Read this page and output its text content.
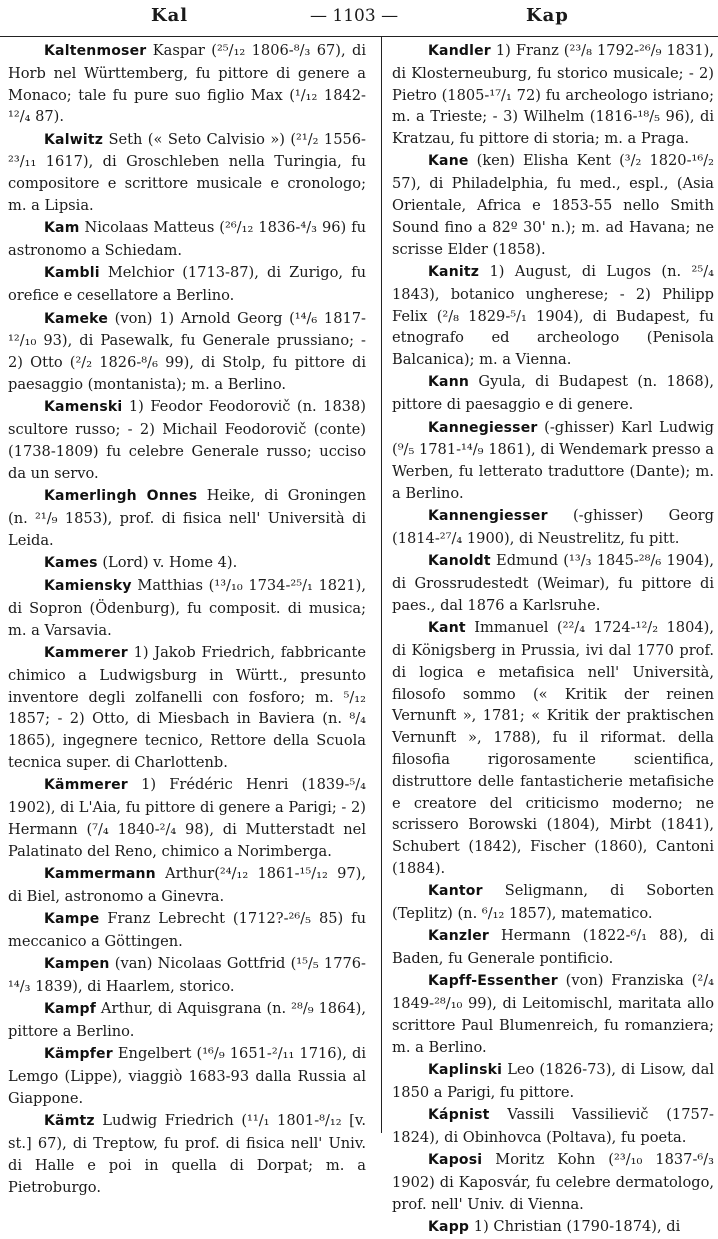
Kal	— 1103 —	Kap

Kaltenmoser Kaspar (²⁵/₁₂ 1806-⁸/₃ 67), di Horb nel Württemberg, fu pittore di genere a Monaco; tale fu pure suo figlio Max (¹/₁₂ 1842-¹²/₄ 87).

Kalwitz Seth (« Seto Calvisio ») (²¹/₂ 1556-²³/₁₁ 1617), di Groschleben nella Turingia, fu compositore e scrittore musicale e cronologo; m. a Lipsia.

Kam Nicolaas Matteus (²⁶/₁₂ 1836-⁴/₃ 96) fu astronomo a Schiedam.

Kambli Melchior (1713-87), di Zurigo, fu orefice e cesellatore a Berlino.

Kameke (von) 1) Arnold Georg (¹⁴/₆ 1817-¹²/₁₀ 93), di Pasewalk, fu Generale prussiano; - 2) Otto (²/₂ 1826-⁸/₆ 99), di Stolp, fu pittore di paesaggio (montanista); m. a Berlino.

Kamenski 1) Feodor Feodorovič (n. 1838) scultore russo; - 2) Michail Feodorovič (conte) (1738-1809) fu celebre Generale russo; ucciso da un servo.

Kamerlingh Onnes Heike, di Groningen (n. ²¹/₉ 1853), prof. di fisica nell' Università di Leida.

Kames (Lord) v. Home 4).

Kamiensky Matthias (¹³/₁₀ 1734-²⁵/₁ 1821), di Sopron (Ödenburg), fu composit. di musica; m. a Varsavia.

Kammerer 1) Jakob Friedrich, fabbricante chimico a Ludwigsburg in Württ., presunto inventore degli zolfanelli con fosforo; m. ⁵/₁₂ 1857; - 2) Otto, di Miesbach in Baviera (n. ⁸/₄ 1865), ingegnere tecnico, Rettore della Scuola tecnica super. di Charlottenb.

Kämmerer 1) Frédéric Henri (1839-⁵/₄ 1902), di L'Aia, fu pittore di genere a Parigi; - 2) Hermann (⁷/₄ 1840-²/₄ 98), di Mutterstadt nel Palatinato del Reno, chimico a Norimberga.

Kammermann Arthur(²⁴/₁₂ 1861-¹⁵/₁₂ 97), di Biel, astronomo a Ginevra.

Kampe Franz Lebrecht (1712?-²⁶/₅ 85) fu meccanico a Göttingen.

Kampen (van) Nicolaas Gottfrid (¹⁵/₅ 1776-¹⁴/₃ 1839), di Haarlem, storico.

Kampf Arthur, di Aquisgrana (n. ²⁸/₉ 1864), pittore a Berlino.

Kämpfer Engelbert (¹⁶/₉ 1651-²/₁₁ 1716), di Lemgo (Lippe), viaggiò 1683-93 dalla Russia al Giappone.

Kämtz Ludwig Friedrich (¹¹/₁ 1801-⁸/₁₂ [v. st.] 67), di Treptow, fu prof. di fisica nell' Univ. di Halle e poi in quella di Dorpat; m. a Pietroburgo.

Kandler 1) Franz (²³/₈ 1792-²⁶/₉ 1831), di Klosterneuburg, fu storico musicale; - 2) Pietro (1805-¹⁷/₁ 72) fu archeologo istriano; m. a Trieste; - 3) Wilhelm (1816-¹⁸/₅ 96), di Kratzau, fu pittore di storia; m. a Praga.

Kane (ken) Elisha Kent (³/₂ 1820-¹⁶/₂ 57), di Philadelphia, fu med., espl., (Asia Orientale, Africa e 1853-55 nello Smith Sound fino a 82º 30' n.); m. ad Havana; ne scrisse Elder (1858).

Kanitz 1) August, di Lugos (n. ²⁵/₄ 1843), botanico ungherese; - 2) Philipp Felix (²/₈ 1829-⁵/₁ 1904), di Budapest, fu etnografo ed archeologo (Penisola Balcanica); m. a Vienna.

Kann Gyula, di Budapest (n. 1868), pittore di paesaggio e di genere.

Kannegiesser (-ghisser) Karl Ludwig (⁹/₅ 1781-¹⁴/₉ 1861), di Wendemark presso a Werben, fu letterato traduttore (Dante); m. a Berlino.

Kannengiesser (-ghisser) Georg (1814-²⁷/₄ 1900), di Neustrelitz, fu pitt.

Kanoldt Edmund (¹³/₃ 1845-²⁸/₆ 1904), di Grossrudestedt (Weimar), fu pittore di paes., dal 1876 a Karlsruhe.

Kant Immanuel (²²/₄ 1724-¹²/₂ 1804), di Königsberg in Prussia, ivi dal 1770 prof. di logica e metafisica nell' Università, filosofo sommo (« Kritik der reinen Vernunft », 1781; « Kritik der praktischen Vernunft », 1788), fu il riformat. della filosofia rigorosamente scientifica, distruttore delle fantasticherie metafisiche e creatore del criticismo moderno; ne scrissero Borowski (1804), Mirbt (1841), Schubert (1842), Fischer (1860), Cantoni (1884).

Kantor Seligmann, di Soborten (Teplitz) (n. ⁶/₁₂ 1857), matematico.

Kanzler Hermann (1822-⁶/₁ 88), di Baden, fu Generale pontificio.

Kapff-Essenther (von) Franziska (²/₄ 1849-²⁸/₁₀ 99), di Leitomischl, maritata allo scrittore Paul Blumenreich, fu romanziera; m. a Berlino.

Kaplinski Leo (1826-73), di Lisow, dal 1850 a Parigi, fu pittore.

Kápnist Vassili Vassilievič (1757-1824), di Obinhovca (Poltava), fu poeta.

Kaposi Moritz Kohn (²³/₁₀ 1837-⁶/₃ 1902) di Kaposvár, fu celebre dermatologo, prof. nell' Univ. di Vienna.

Kapp 1) Christian (1790-1874), di
